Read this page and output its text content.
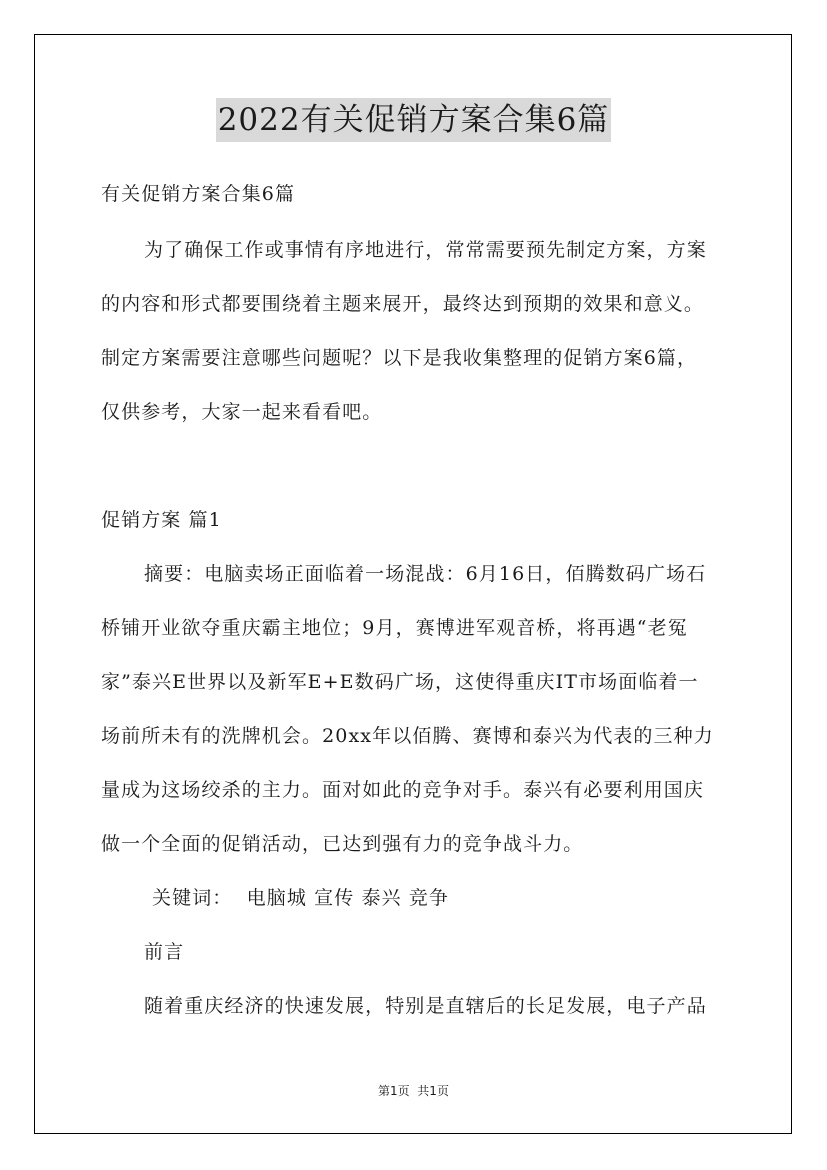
2022有关促销方案合集6篇
有关促销方案合集6篇
为了确保工作或事情有序地进行，常常需要预先制定方案，方案
的内容和形式都要围绕着主题来展开，最终达到预期的效果和意义。
制定方案需要注意哪些问题呢？以下是我收集整理的促销方案6篇，
仅供参考，大家一起来看看吧。
促销方案 篇1
摘要：电脑卖场正面临着一场混战：6月16日，佰腾数码广场石
桥铺开业欲夺重庆霸主地位；9月，赛博进军观音桥，将再遇“老冤
家”泰兴E世界以及新军E+E数码广场，这使得重庆IT市场面临着一
场前所未有的洗牌机会。20xx年以佰腾、赛博和泰兴为代表的三种力
量成为这场绞杀的主力。面对如此的竞争对手。泰兴有必要利用国庆
做一个全面的促销活动，已达到强有力的竞争战斗力。
关键词：  电脑城 宣传 泰兴 竞争
前言
随着重庆经济的快速发展，特别是直辖后的长足发展，电子产品
第1页  共1页
